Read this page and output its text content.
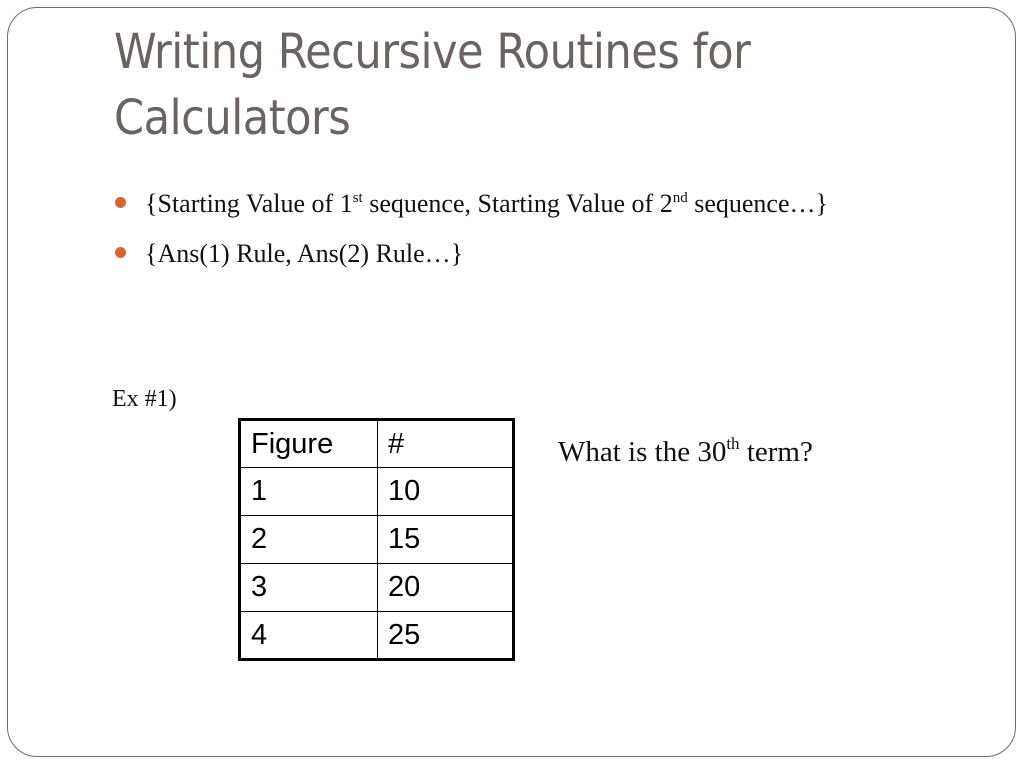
Writing Recursive Routines for
Calculators
{Starting Value of 1st sequence, Starting Value of 2nd sequence…}
{Ans(1) Rule, Ans(2) Rule…}
Ex #1)
Figure	#
1	10
2	15
3	20
4	25
What is the 30th term?
